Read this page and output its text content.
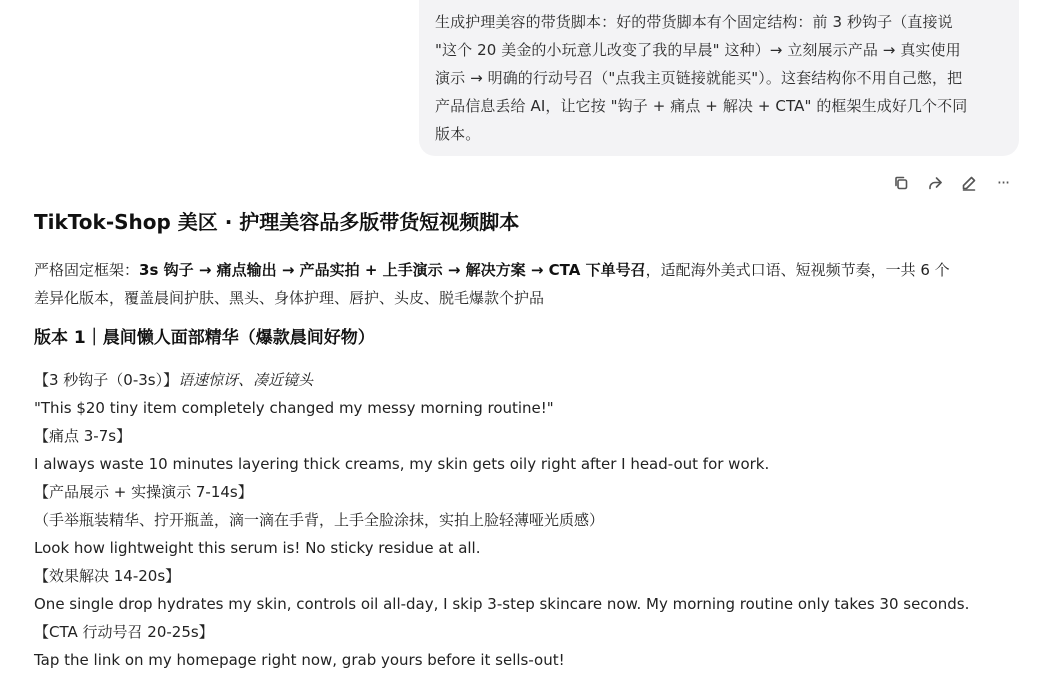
生成护理美容的带货脚本：好的带货脚本有个固定结构：前 3 秒钩子（直接说
"这个 20 美金的小玩意儿改变了我的早晨" 这种）→ 立刻展示产品 → 真实使用
演示 → 明确的行动号召（"点我主页链接就能买"）。这套结构你不用自己憋，把
产品信息丢给 AI，让它按 "钩子 + 痛点 + 解决 + CTA" 的框架生成好几个不同
版本。
···
TikTok-Shop 美区 · 护理美容品多版带货短视频脚本
严格固定框架：3s 钩子 → 痛点输出 → 产品实拍 + 上手演示 → 解决方案 → CTA 下单号召，适配海外美式口语、短视频节奏，一共 6 个
差异化版本，覆盖晨间护肤、黑头、身体护理、唇护、头皮、脱毛爆款个护品
版本 1｜晨间懒人面部精华（爆款晨间好物）
【3 秒钩子（0-3s）】语速惊讶、凑近镜头
"This $20 tiny item completely changed my messy morning routine!"
【痛点 3-7s】
I always waste 10 minutes layering thick creams, my skin gets oily right after I head-out for work.
【产品展示 + 实操演示 7-14s】
（手举瓶装精华、拧开瓶盖，滴一滴在手背，上手全脸涂抹，实拍上脸轻薄哑光质感）
Look how lightweight this serum is! No sticky residue at all.
【效果解决 14-20s】
One single drop hydrates my skin, controls oil all-day, I skip 3-step skincare now. My morning routine only takes 30 seconds.
【CTA 行动号召 20-25s】
Tap the link on my homepage right now, grab yours before it sells-out!
